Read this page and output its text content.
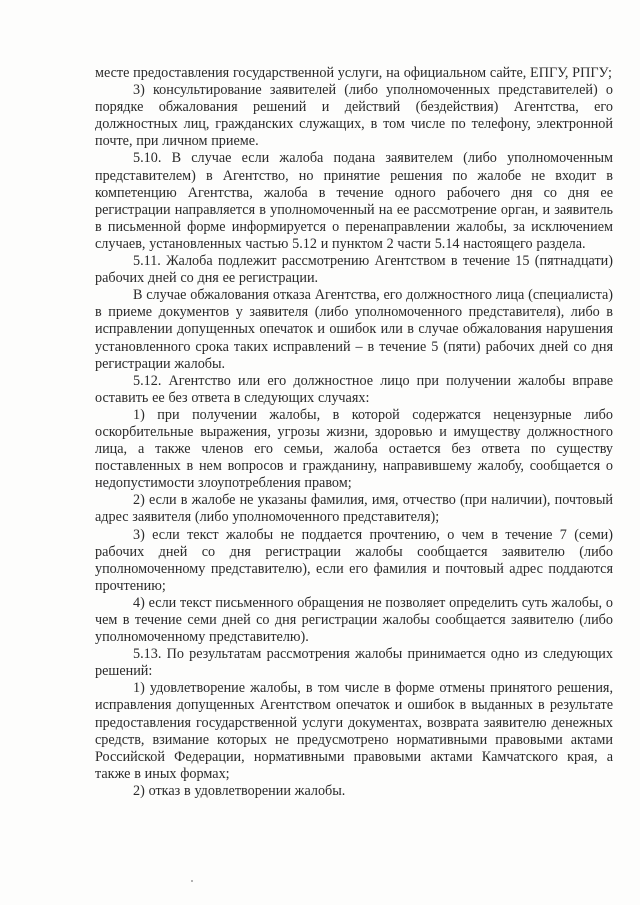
месте предоставления государственной услуги, на официальном сайте, ЕПГУ, РПГУ;

3) консультирование заявителей (либо уполномоченных представителей) о порядке обжалования решений и действий (бездействия) Агентства, его должностных лиц, гражданских служащих, в том числе по телефону, электронной почте, при личном приеме.

5.10. В случае если жалоба подана заявителем (либо уполномоченным представителем) в Агентство, но принятие решения по жалобе не входит в компетенцию Агентства, жалоба в течение одного рабочего дня со дня ее регистрации направляется в уполномоченный на ее рассмотрение орган, и заявитель в письменной форме информируется о перенаправлении жалобы, за исключением случаев, установленных частью 5.12 и пунктом 2 части 5.14 настоящего раздела.

5.11. Жалоба подлежит рассмотрению Агентством в течение 15 (пятнадцати) рабочих дней со дня ее регистрации.

В случае обжалования отказа Агентства, его должностного лица (специалиста) в приеме документов у заявителя (либо уполномоченного представителя), либо в исправлении допущенных опечаток и ошибок или в случае обжалования нарушения установленного срока таких исправлений – в течение 5 (пяти) рабочих дней со дня регистрации жалобы.

5.12. Агентство или его должностное лицо при получении жалобы вправе оставить ее без ответа в следующих случаях:

1) при получении жалобы, в которой содержатся нецензурные либо оскорбительные выражения, угрозы жизни, здоровью и имуществу должностного лица, а также членов его семьи, жалоба остается без ответа по существу поставленных в нем вопросов и гражданину, направившему жалобу, сообщается о недопустимости злоупотребления правом;

2) если в жалобе не указаны фамилия, имя, отчество (при наличии), почтовый адрес заявителя (либо уполномоченного представителя);

3) если текст жалобы не поддается прочтению, о чем в течение 7 (семи) рабочих дней со дня регистрации жалобы сообщается заявителю (либо уполномоченному представителю), если его фамилия и почтовый адрес поддаются прочтению;

4) если текст письменного обращения не позволяет определить суть жалобы, о чем в течение семи дней со дня регистрации жалобы сообщается заявителю (либо уполномоченному представителю).

5.13. По результатам рассмотрения жалобы принимается одно из следующих решений:

1) удовлетворение жалобы, в том числе в форме отмены принятого решения, исправления допущенных Агентством опечаток и ошибок в выданных в результате предоставления государственной услуги документах, возврата заявителю денежных средств, взимание которых не предусмотрено нормативными правовыми актами Российской Федерации, нормативными правовыми актами Камчатского края, а также в иных формах;

2) отказ в удовлетворении жалобы.
